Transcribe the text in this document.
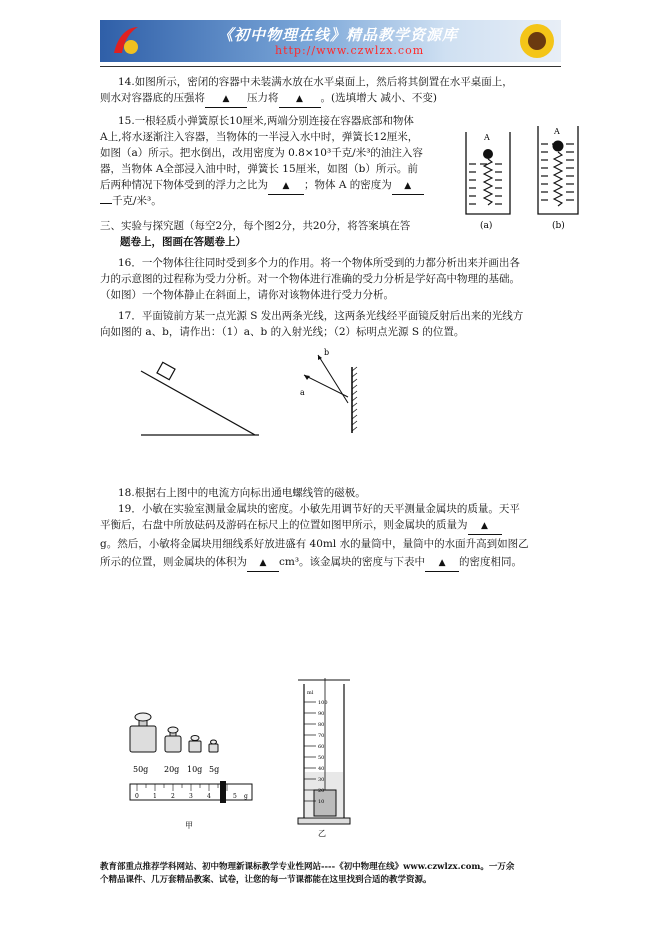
《初中物理在线》精品教学资源库
http://www.czwlzx.com
14.如图所示，密闭的容器中未装满水放在水平桌面上，然后将其倒置在水平桌面上，
则水对容器底的压强将 ▲ 压力将 ▲ 。(选填增大 减小、不变)
15.一根轻质小弹簧原长10厘米,两端分别连接在容器底部和物体
A上,将水逐渐注入容器，当物体的一半浸入水中时，弹簧长12厘米，
如图（a）所示。把水倒出，改用密度为 0.8×10³千克/米³的油注入容
器，当物体 A全部浸入油中时，弹簧长 15厘米，如图（b）所示。前
后两种情况下物体受到的浮力之比为 ▲ ；物体 A 的密度为 ▲
千克/米³。
A
A
(a)	(b)
三、实验与探究题（每空2分，每个图2分，共20分，将答案填在答
题卷上，图画在答题卷上）
16．一个物体往往同时受到多个力的作用。将一个物体所受到的力都分析出来并画出各
力的示意图的过程称为受力分析。对一个物体进行准确的受力分析是学好高中物理的基础。
（如图）一个物体静止在斜面上，请你对该物体进行受力分析。
17．平面镜前方某一点光源 S 发出两条光线，这两条光线经平面镜反射后出来的光线方
向如图的 a、b，请作出：（1）a、b 的入射光线；（2）标明点光源 S 的位置。
a
b
18.根据右上图中的电流方向标出通电螺线管的磁极。
19．小敏在实验室测量金属块的密度。小敏先用调节好的天平测量金属块的质量。天平
平衡后，右盘中所放砝码及游码在标尺上的位置如图甲所示，则金属块的质量为 ▲
g。然后，小敏将金属块用细线系好放进盛有 40ml 水的量筒中，量筒中的水面升高到如图乙
所示的位置，则金属块的体积为 ▲ cm³。该金属块的密度与下表中 ▲ 的密度相同。
50g 20g 10g 5g
0 1 2 3 4	5 g
甲
100
90
80
70
60
50
40
30
20
10
ml
乙
教育部重点推荐学科网站、初中物理新课标教学专业性网站----《初中物理在线》www.czwlzx.com。一万余
个精品课件、几万套精品教案、试卷，让您的每一节课都能在这里找到合适的教学资源。
